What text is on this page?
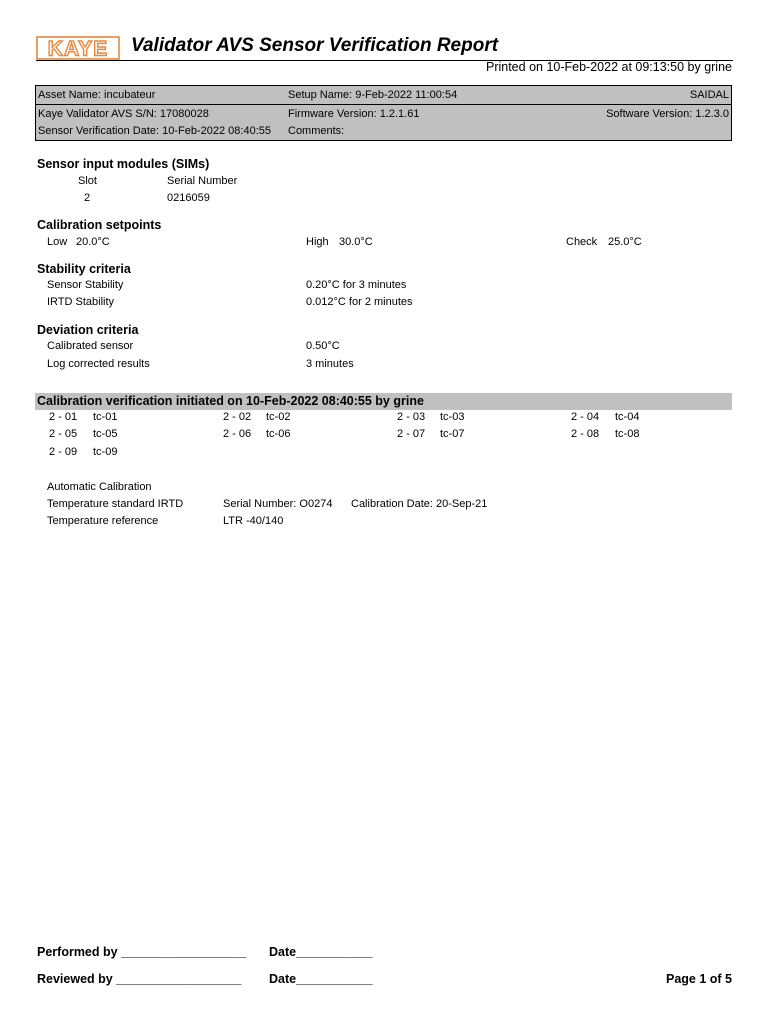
KAYE Validator AVS Sensor Verification Report
Printed on 10-Feb-2022 at 09:13:50 by grine
Asset Name: incubateur	Setup Name: 9-Feb-2022 11:00:54	SAIDAL
Kaye Validator AVS S/N: 17080028	Firmware Version: 1.2.1.61	Software Version: 1.2.3.0
Sensor Verification Date: 10-Feb-2022 08:40:55 Comments:
Sensor input modules (SIMs)
Slot	Serial Number
2	0216059
Calibration setpoints
Low 20.0°C	High 30.0°C	Check 25.0°C
Stability criteria
Sensor Stability	0.20°C for 3 minutes
IRTD Stability	0.012°C for 2 minutes
Deviation criteria
Calibrated sensor	0.50°C
Log corrected results	3 minutes
Calibration verification initiated on 10-Feb-2022 08:40:55 by grine
2 - 01 tc-01	2 - 02 tc-02	2 - 03 tc-03	2 - 04 tc-04
2 - 05 tc-05	2 - 06 tc-06	2 - 07 tc-07	2 - 08 tc-08
2 - 09 tc-09
Automatic Calibration
Temperature standard IRTD	Serial Number: O0274 Calibration Date: 20-Sep-21
Temperature reference	LTR -40/140
Performed by __________________ Date___________
Reviewed by __________________ Date___________	Page 1 of 5
